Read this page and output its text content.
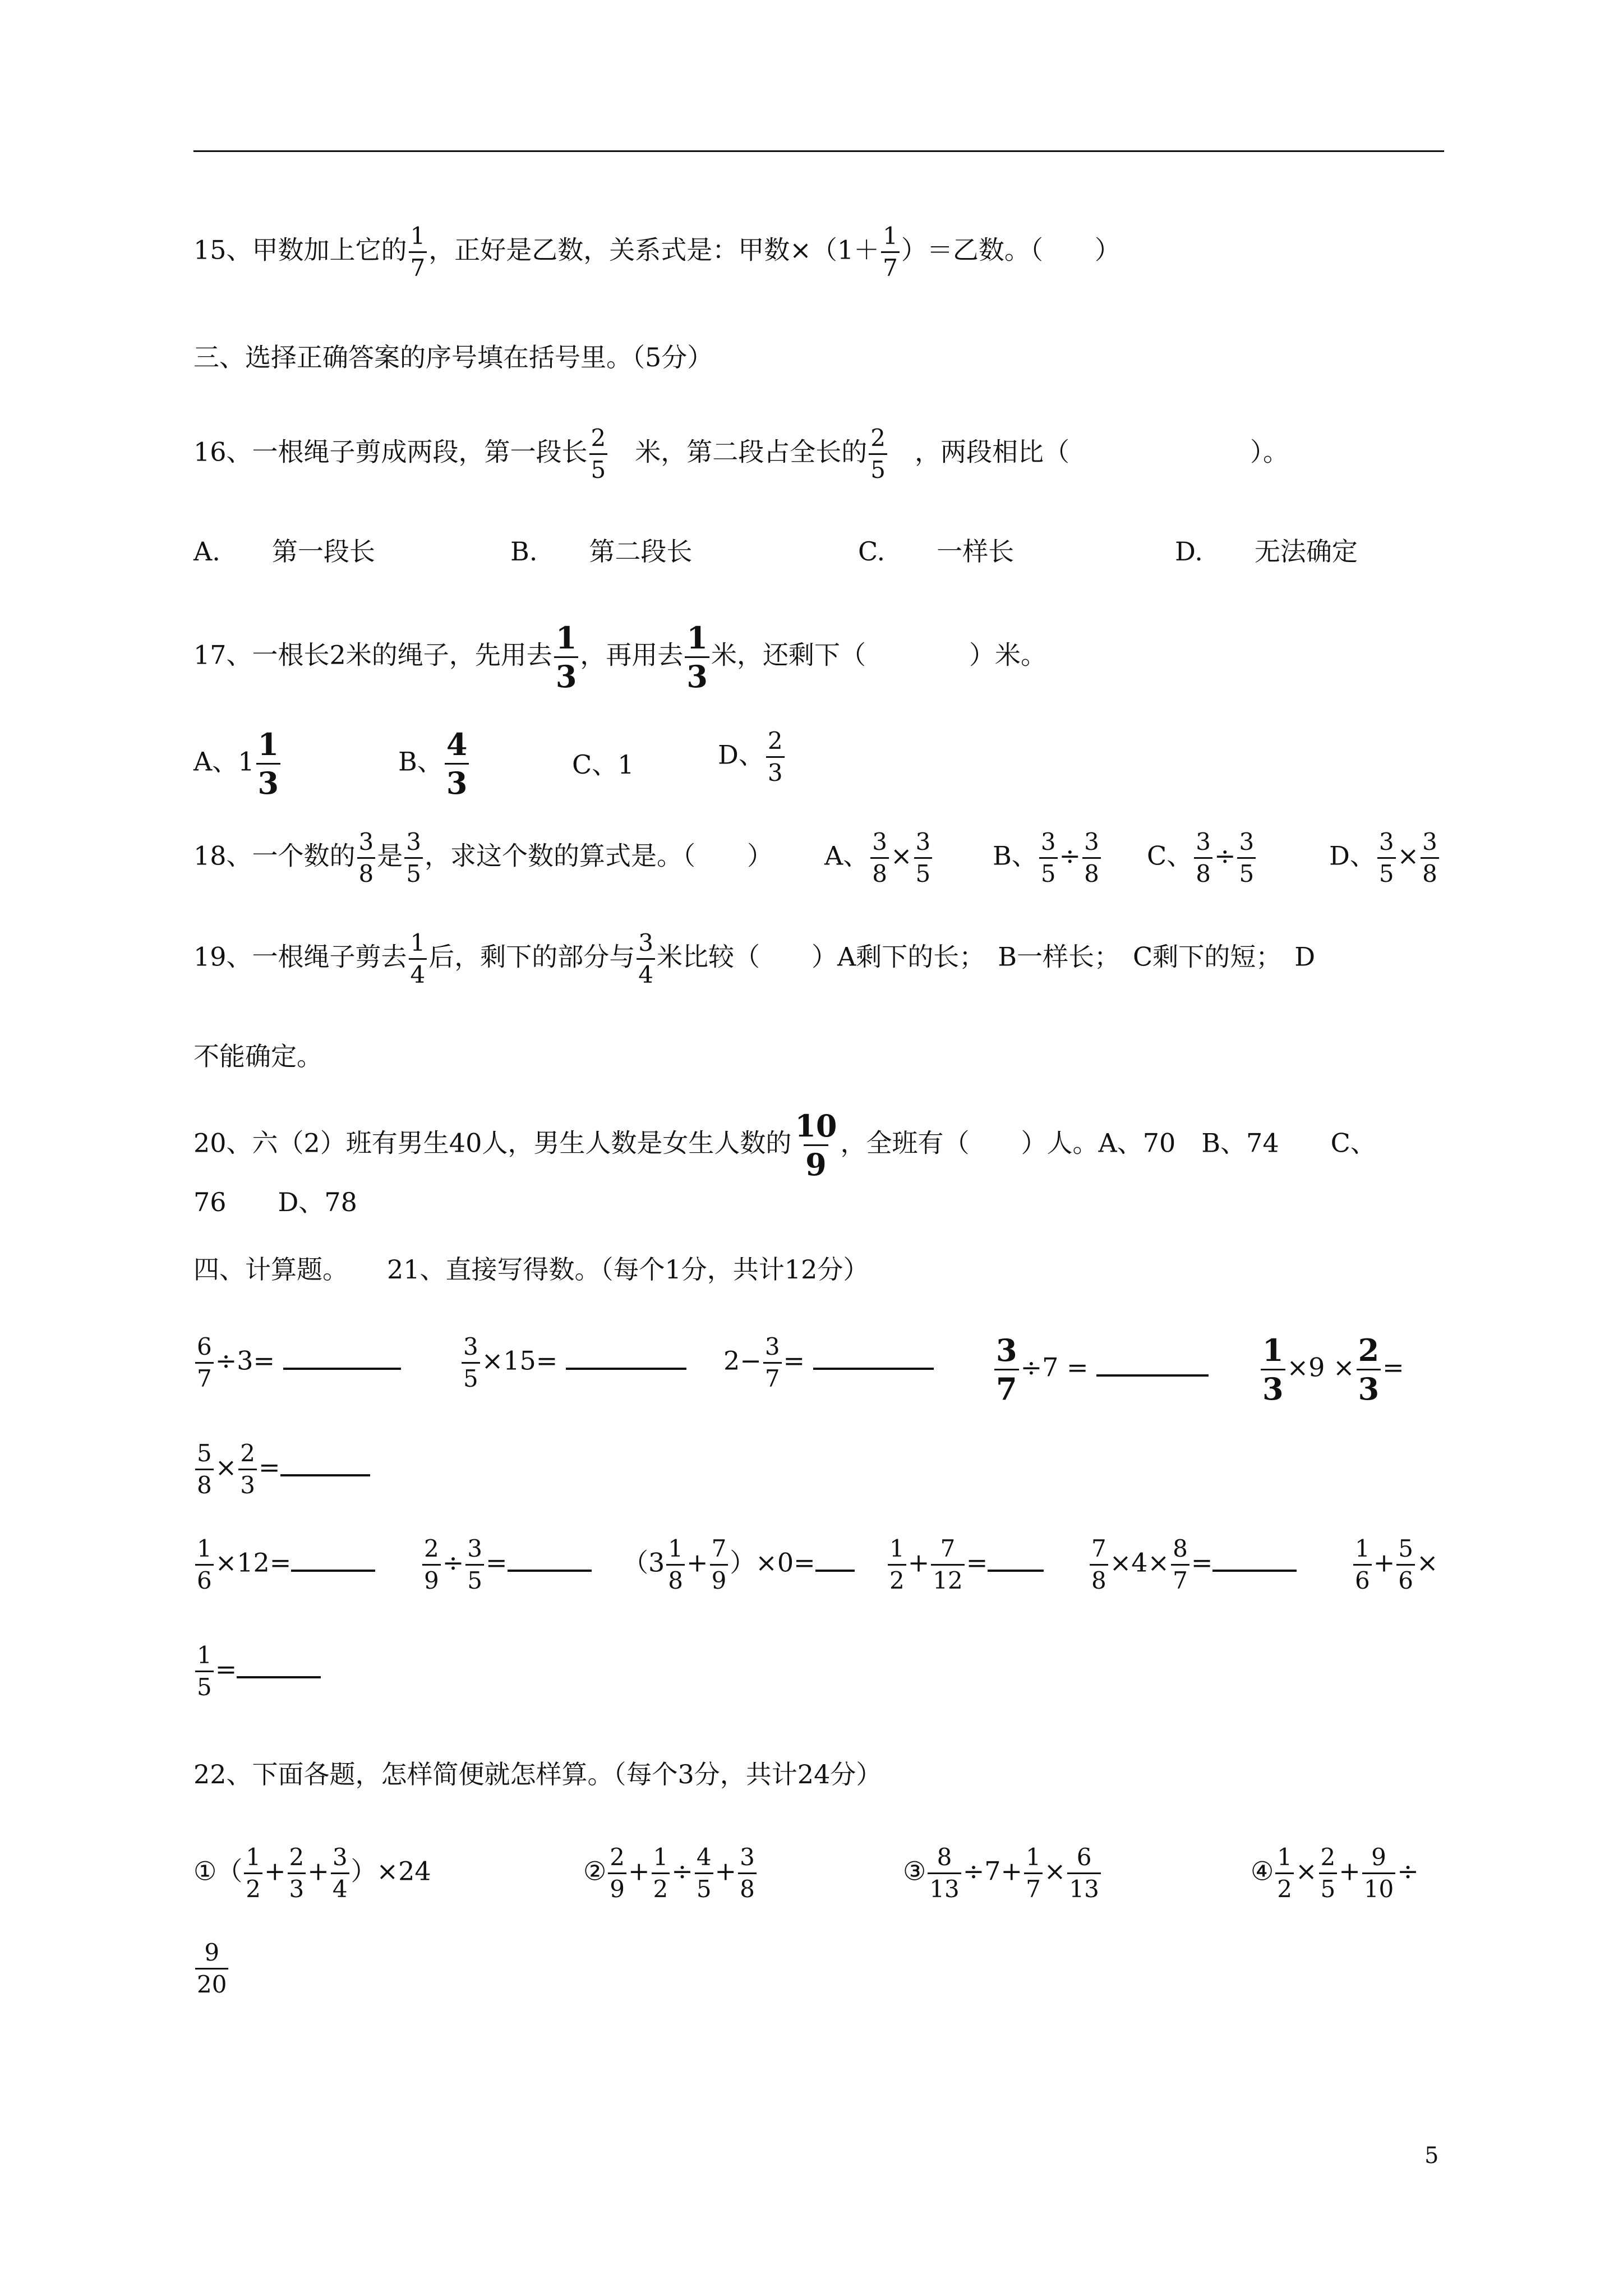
15、甲数加上它的 $\frac{1}{7}$ ，正好是乙数，关系式是：甲数$\times(1+ \frac{1}{7}$ ）＝乙数。（　　）
三、选择正确答案的序号填在括号里。（5分）
16、一根绳子剪成两段，第一段长 $\frac{2}{5}$ 　米，第二段占全长的 $\frac{2}{5}$ 　，两段相比（　　　　　　　）。
A.　　第一段长	B.　　第二段长	C.　　一样长	D.　　无法确定
17、一根长2米的绳子，先用去 $\frac{1}{3}$ ，再用去 $\frac{1}{3}$ 米，还剩下（　　　　）米。
A、$1 \frac{1}{3}$	B、 $\frac{4}{3}$	C、1	D、 $\frac{2}{3}$
18、一个数的 $\frac{3}{8}$ 是 $\frac{3}{5}$ ，求这个数的算式是。（　　） A、 $\frac{3}{8} \times \frac{3}{5}$ B、 $\frac{3}{5} \div \frac{3}{8}$ C、 $\frac{3}{8} \div \frac{3}{5}$	D、 $\frac{3}{5} \times \frac{3}{8}$
19、一根绳子剪去 $\frac{1}{4}$ 后，剩下的部分与 $\frac{3}{4}$ 米比较（　　）A剩下的长；　B一样长；　C剩下的短；　D
不能确定。
20、六（2）班有男生40人，男生人数是女生人数的 $\frac{10}{9}$ ，全班有（　　）人。A、70　B、74　　C、
76　　D、78
四、计算题。　　21、直接写得数。（每个1分，共计12分）
$\frac{6}{7} \div 3=$	$\frac{3}{5} \times 15=$	$2- \frac{3}{7}$ =	$\frac{3}{7} \div 7$ =	$\frac{1}{3} \times 9 \times \frac{2}{3}$ =
$\frac{5}{8} \times \frac{2}{3}$ =
$\frac{1}{6} \times 12=$	$\frac{2}{9} \div \frac{3}{5}$ =	$(3 \frac{1}{8} + \frac{7}{9} )\times 0=$	$\frac{1}{2} + \frac{7}{12}$ =	$\frac{7}{8} \times 4\times \frac{8}{7}$ =	$\frac{1}{6} + \frac{5}{6}$ ×
$\frac{1}{5}$ =
22、下面各题，怎样简便就怎样算。（每个3分，共计24分）
①（ $\frac{1}{2} + \frac{2}{3} + \frac{3}{4} )\times 24$	② $\frac{2}{9} + \frac{1}{2} \div \frac{4}{5} + \frac{3}{8}$	③ $\frac{8}{13} \div 7+ \frac{1}{7} \times \frac{6}{13}$	④ $\frac{1}{2} \times \frac{2}{5} + \frac{9}{10}$ ÷
$\frac{9}{20}$
5
